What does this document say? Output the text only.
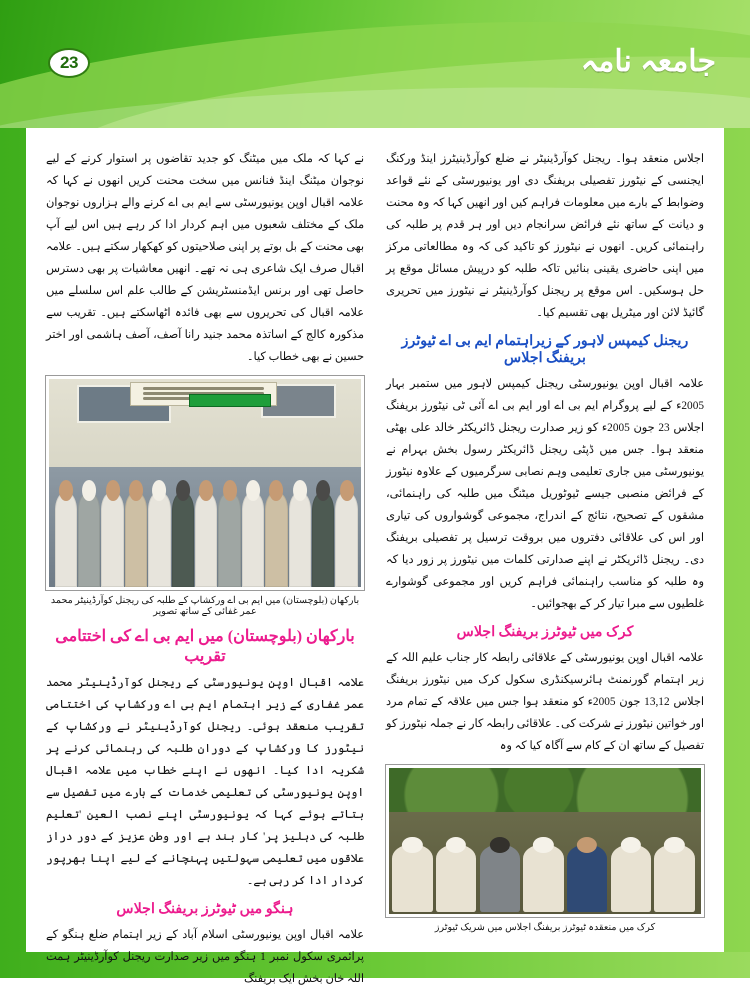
23	جامعہ نامہ

اجلاس منعقد ہوا۔ ریجنل کوآرڈینیٹر نے ضلع کوآرڈینیٹرز اینڈ ورکنگ ایجنسی کے نیٹورز تفصیلی بریفنگ دی اور یونیورسٹی کے نئے قواعد وضوابط کے بارے میں معلومات فراہم کیں اور انھیں کہا کہ وہ محنت و دیانت کے ساتھ نئے فرائض سرانجام دیں اور ہر قدم پر طلبہ کی راہنمائی کریں۔ انھوں نے نیٹورز کو تاکید کی کہ وہ مطالعاتی مرکز میں اپنی حاضری یقینی بنائیں تاکہ طلبہ کو درپیش مسائل موقع پر حل ہوسکیں۔ اس موقع پر ریجنل کوآرڈینیٹر نے نیٹورز میں تحریری گائیڈ لائن اور میٹریل بھی تقسیم کیا۔

ریجنل کیمپس لاہور کے زیراہتمام ایم بی اے ٹیوٹرز بریفنگ اجلاس

علامہ اقبال اوپن یونیورسٹی ریجنل کیمپس لاہور میں ستمبر بہار 2005ء کے لیے پروگرام ایم بی اے اور ایم بی اے آئی ٹی نیٹورز بریفنگ اجلاس 23 جون 2005ء کو زیر صدارت ریجنل ڈائریکٹر خالد علی بھٹی منعقد ہوا۔ جس میں ڈپٹی ریجنل ڈائریکٹر رسول بخش بہرام نے یونیورسٹی میں جاری تعلیمی وہم نصابی سرگرمیوں کے علاوہ نیٹورز کے فرائض منصبی جیسے ٹیوٹوریل میٹنگ میں طلبہ کی راہنمائی، مشقوں کے تصحیح، نتائج کے اندراج، مجموعی گوشواروں کی تیاری اور اس کی علاقائی دفتروں میں بروقت ترسیل پر تفصیلی بریفنگ دی۔ ریجنل ڈائریکٹر نے اپنے صدارتی کلمات میں نیٹورز پر زور دیا کہ وہ طلبہ کو مناسب راہنمائی فراہم کریں اور مجموعی گوشوارے غلطیوں سے مبرا تیار کر کے بھجوائیں۔

کرک میں ٹیوٹرز بریفنگ اجلاس

علامہ اقبال اوپن یونیورسٹی کے علاقائی رابطہ کار جناب علیم اللہ کے زیر اہتمام گورنمنٹ ہائرسیکنڈری سکول کرک میں نیٹورز بریفنگ اجلاس 13,12 جون 2005ء کو منعقد ہوا جس میں علاقہ کے تمام مرد اور خواتین نیٹورز نے شرکت کی۔ علاقائی رابطہ کار نے جملہ نیٹورز کو تفصیل کے ساتھ ان کے کام سے آگاہ کیا کہ وہ

کرک میں منعقدہ ٹیوٹرز بریفنگ اجلاس میں شریک ٹیوٹرز

نے کہا کہ ملک میں میٹنگ کو جدید تقاضوں پر استوار کرنے کے لیے نوجوان میٹنگ اینڈ فنانس میں سخت محنت کریں انھوں نے کہا کہ علامہ اقبال اوپن یونیورسٹی سے ایم بی اے کرنے والے ہزاروں نوجوان ملک کے مختلف شعبوں میں اہم کردار ادا کر رہے ہیں اس لیے آپ بھی محنت کے بل بوتے پر اپنی صلاحیتوں کو کھکھار سکتے ہیں۔ علامہ اقبال صرف ایک شاعری ہی نہ تھے۔ انھیں معاشیات پر بھی دسترس حاصل تھی اور برنس ایڈمنسٹریشن کے طالب علم اس سلسلے میں علامہ اقبال کی تحریروں سے بھی فائدہ اٹھاسکتے ہیں۔ تقریب سے مذکورہ کالج کے اساتذہ محمد جنید رانا آصف، آصف ہاشمی اور اختر حسین نے بھی خطاب کیا۔

بارکھان (بلوچستان) میں ایم بی اے ورکشاپ کے طلبہ کی ریجنل کوآرڈینیٹر محمد عمر غفائی کے ساتھ تصویر
بارکھان (بلوچستان) میں ایم بی اے کی اختتامی تقریب

علامہ اقبال اوپن یونیورسٹی کے ریجنل کوآرڈینیٹر محمد عمر غفاری کے زیر اہتمام ایم بی اے ورکشاپ کی اختتامی تقریب منعقد ہوئی۔ ریجنل کوآرڈینیٹر نے ورکشاپ کے نیٹورز کا ورکشاپ کے دوران طلبہ کی رہنمائی کرنے پر شکریہ ادا کیا۔ انھوں نے اپنے خطاب میں علامہ اقبال اوپن یونیورسٹی کی تعلیمی خدمات کے بارے میں تفصیل سے بتاتے ہوئے کہا کہ یونیورسٹی اپنے نصب العین 'تعلیم طلبہ کی دہلیز پر' کار بند ہے اور وطن عزیز کے دور دراز علاقوں میں تعلیمی سہولتیں پہنچانے کے لیے اپنا بھرپور کردار ادا کر رہی ہے۔

ہنگو میں ٹیوٹرز بریفنگ اجلاس

علامہ اقبال اوپن یونیورسٹی اسلام آباد کے زیر اہتمام ضلع ہنگو کے پرائمری سکول نمبر 1 ہنگو میں زیر صدارت ریجنل کوآرڈینیٹر ہمت اللہ خان بخش ایک بریفنگ
